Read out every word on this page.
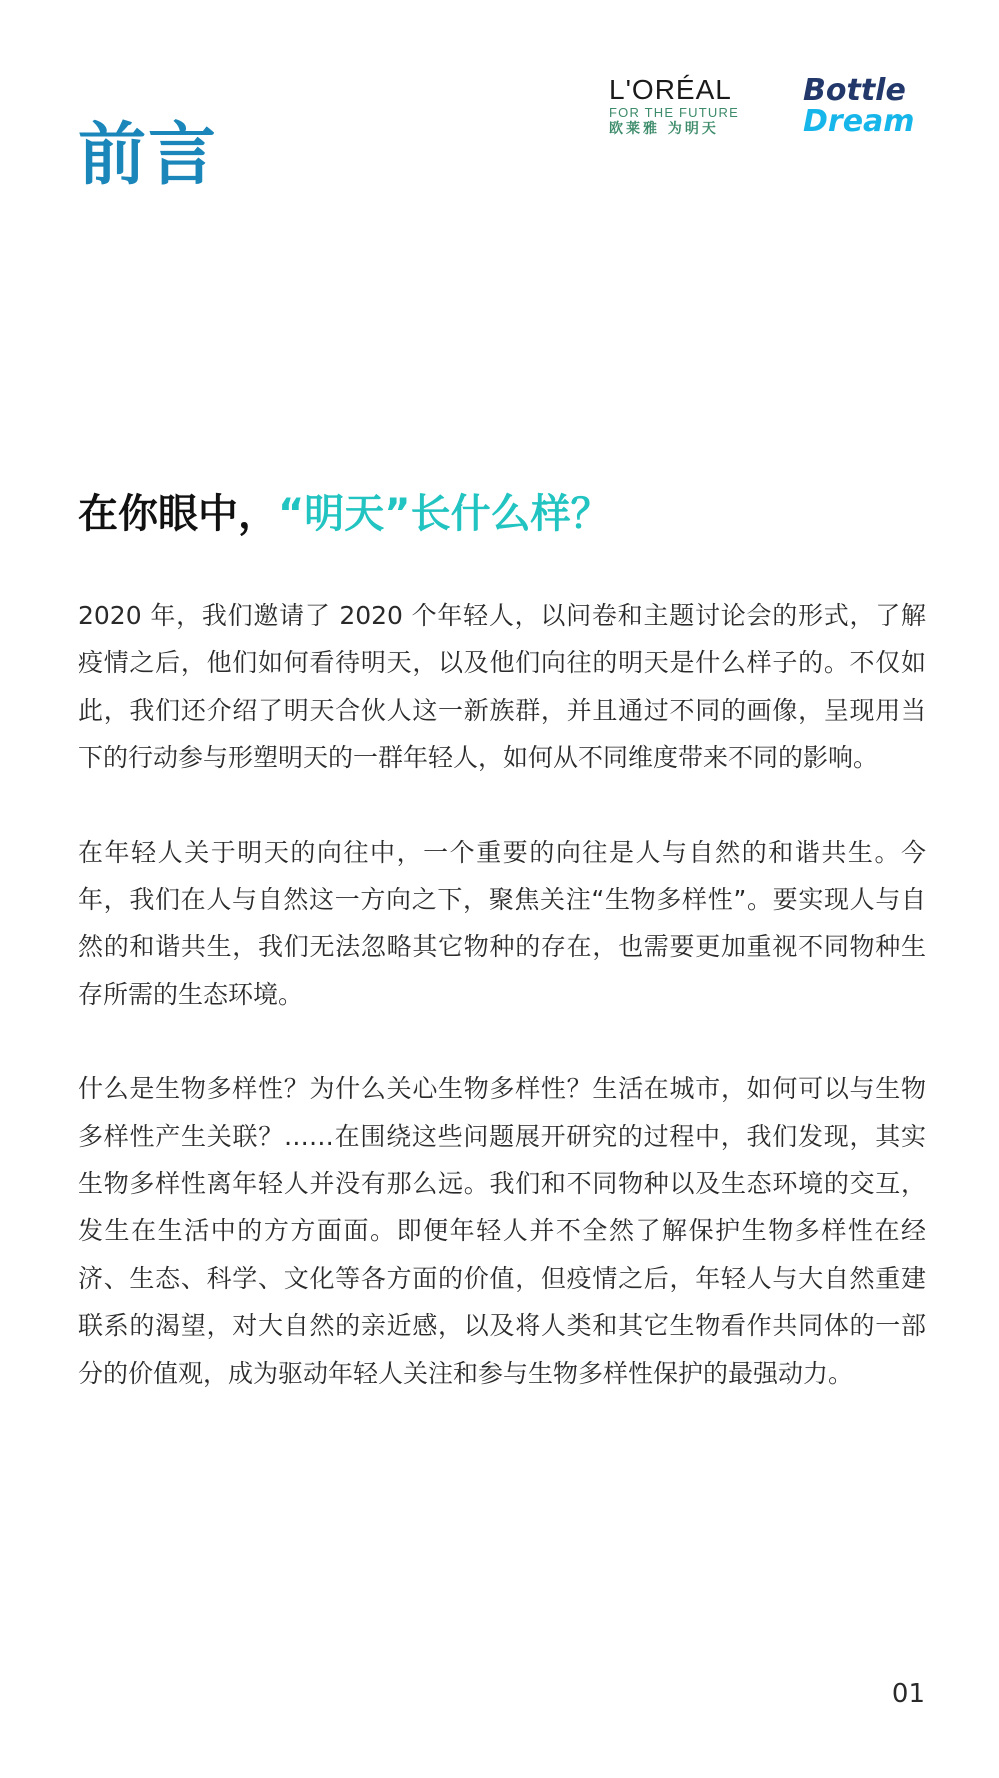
前言
L'ORÉAL
FOR THE FUTURE
欧莱雅 为明天
Bottle
Dream
在你眼中，“明天”长什么样？

2020 年，我们邀请了 2020 个年轻人，以问卷和主题讨论会的形式，了解疫情之后，他们如何看待明天，以及他们向往的明天是什么样子的。不仅如此，我们还介绍了明天合伙人这一新族群，并且通过不同的画像，呈现用当下的行动参与形塑明天的一群年轻人，如何从不同维度带来不同的影响。

在年轻人关于明天的向往中，一个重要的向往是人与自然的和谐共生。今年，我们在人与自然这一方向之下，聚焦关注“生物多样性”。要实现人与自然的和谐共生，我们无法忽略其它物种的存在，也需要更加重视不同物种生存所需的生态环境。

什么是生物多样性？为什么关心生物多样性？生活在城市，如何可以与生物多样性产生关联？……在围绕这些问题展开研究的过程中，我们发现，其实生物多样性离年轻人并没有那么远。我们和不同物种以及生态环境的交互，发生在生活中的方方面面。即便年轻人并不全然了解保护生物多样性在经济、生态、科学、文化等各方面的价值，但疫情之后，年轻人与大自然重建联系的渴望，对大自然的亲近感，以及将人类和其它生物看作共同体的一部分的价值观，成为驱动年轻人关注和参与生物多样性保护的最强动力。

01
